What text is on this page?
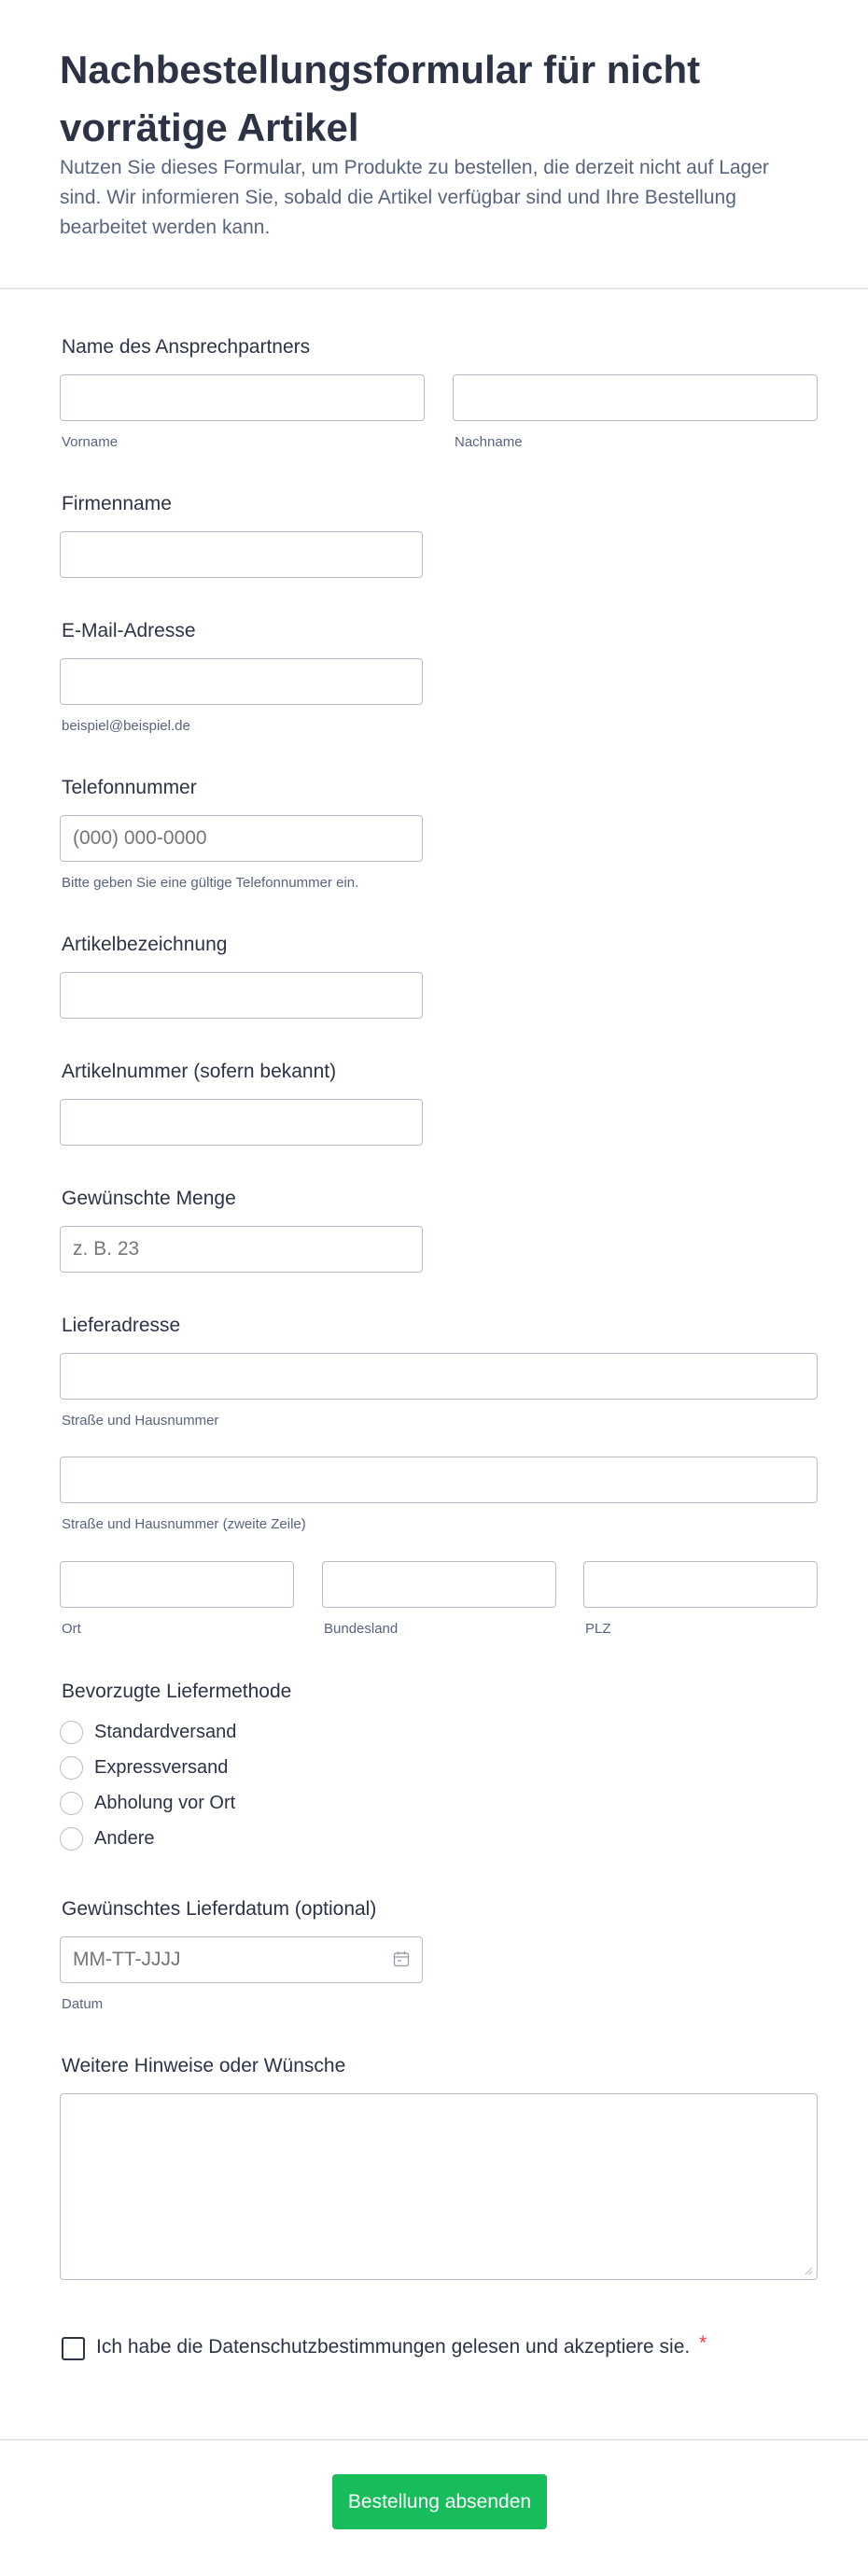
Nachbestellungsformular für nicht vorrätige Artikel
Nutzen Sie dieses Formular, um Produkte zu bestellen, die derzeit nicht auf Lager sind. Wir informieren Sie, sobald die Artikel verfügbar sind und Ihre Bestellung bearbeitet werden kann.
Name des Ansprechpartners
Vorname	Nachname
Firmenname
E-Mail-Adresse
beispiel@beispiel.de
Telefonnummer
(000) 000-0000
Bitte geben Sie eine gültige Telefonnummer ein.
Artikelbezeichnung
Artikelnummer (sofern bekannt)
Gewünschte Menge
z. B. 23
Lieferadresse
Straße und Hausnummer
Straße und Hausnummer (zweite Zeile)
Ort	Bundesland	PLZ
Bevorzugte Liefermethode
Standardversand
Expressversand
Abholung vor Ort
Andere
Gewünschtes Lieferdatum (optional)
MM-TT-JJJJ
Datum
Weitere Hinweise oder Wünsche
Ich habe die Datenschutzbestimmungen gelesen und akzeptiere sie. *
Bestellung absenden
